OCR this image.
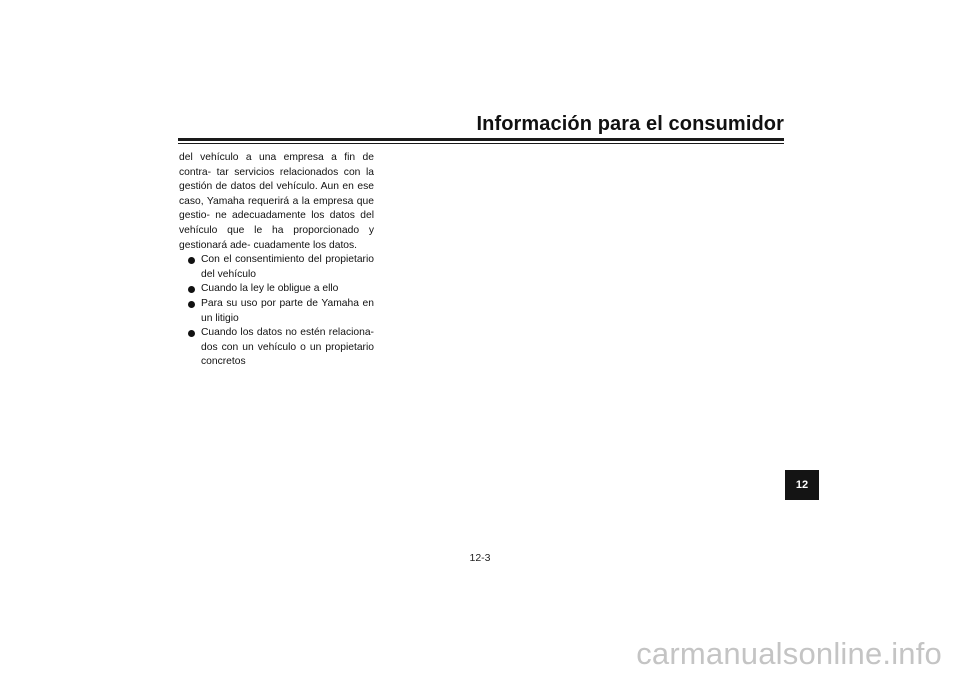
Información para el consumidor

del vehículo a una empresa a fin de contra- tar servicios relacionados con la gestión de datos del vehículo. Aun en ese caso, Yamaha requerirá a la empresa que gestio- ne adecuadamente los datos del vehículo que le ha proporcionado y gestionará ade- cuadamente los datos.

Con el consentimiento del propietario del vehículo
Cuando la ley le obligue a ello
Para su uso por parte de Yamaha en un litigio
Cuando los datos no estén relaciona-dos con un vehículo o un propietario concretos
12
12-3
carmanualsonline.info
